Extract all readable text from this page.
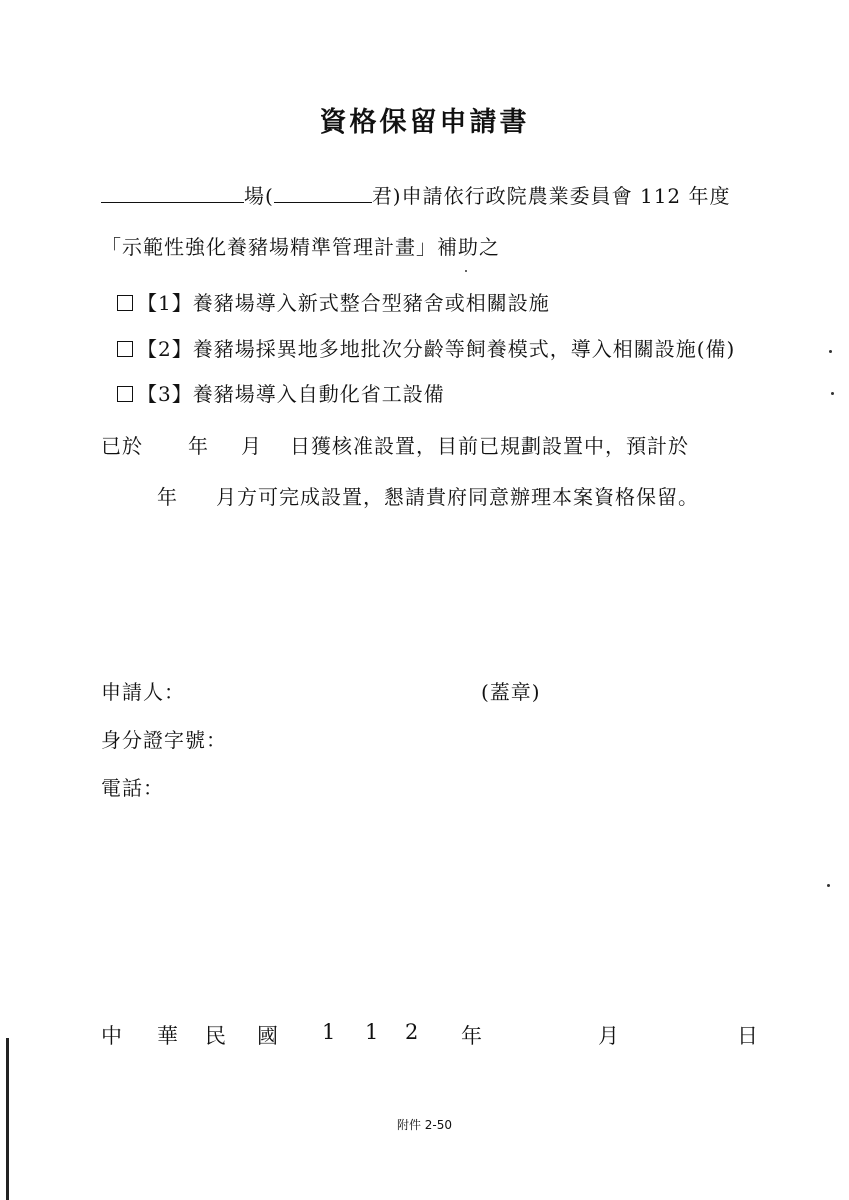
資格保留申請書
場(	君)申請依行政院農業委員會 112 年度
「示範性強化養豬場精準管理計畫」補助之
【1】養豬場導入新式整合型豬舍或相關設施
【2】養豬場採異地多地批次分齡等飼養模式，導入相關設施(備)
【3】養豬場導入自動化省工設備
已於 年 月 日獲核准設置，目前已規劃設置中，預計於
年 月方可完成設置，懇請貴府同意辦理本案資格保留。
申請人：	(蓋章)
身分證字號：
電話：
中 華 民 國 1 1 2 年	月	日
附件 2-50
